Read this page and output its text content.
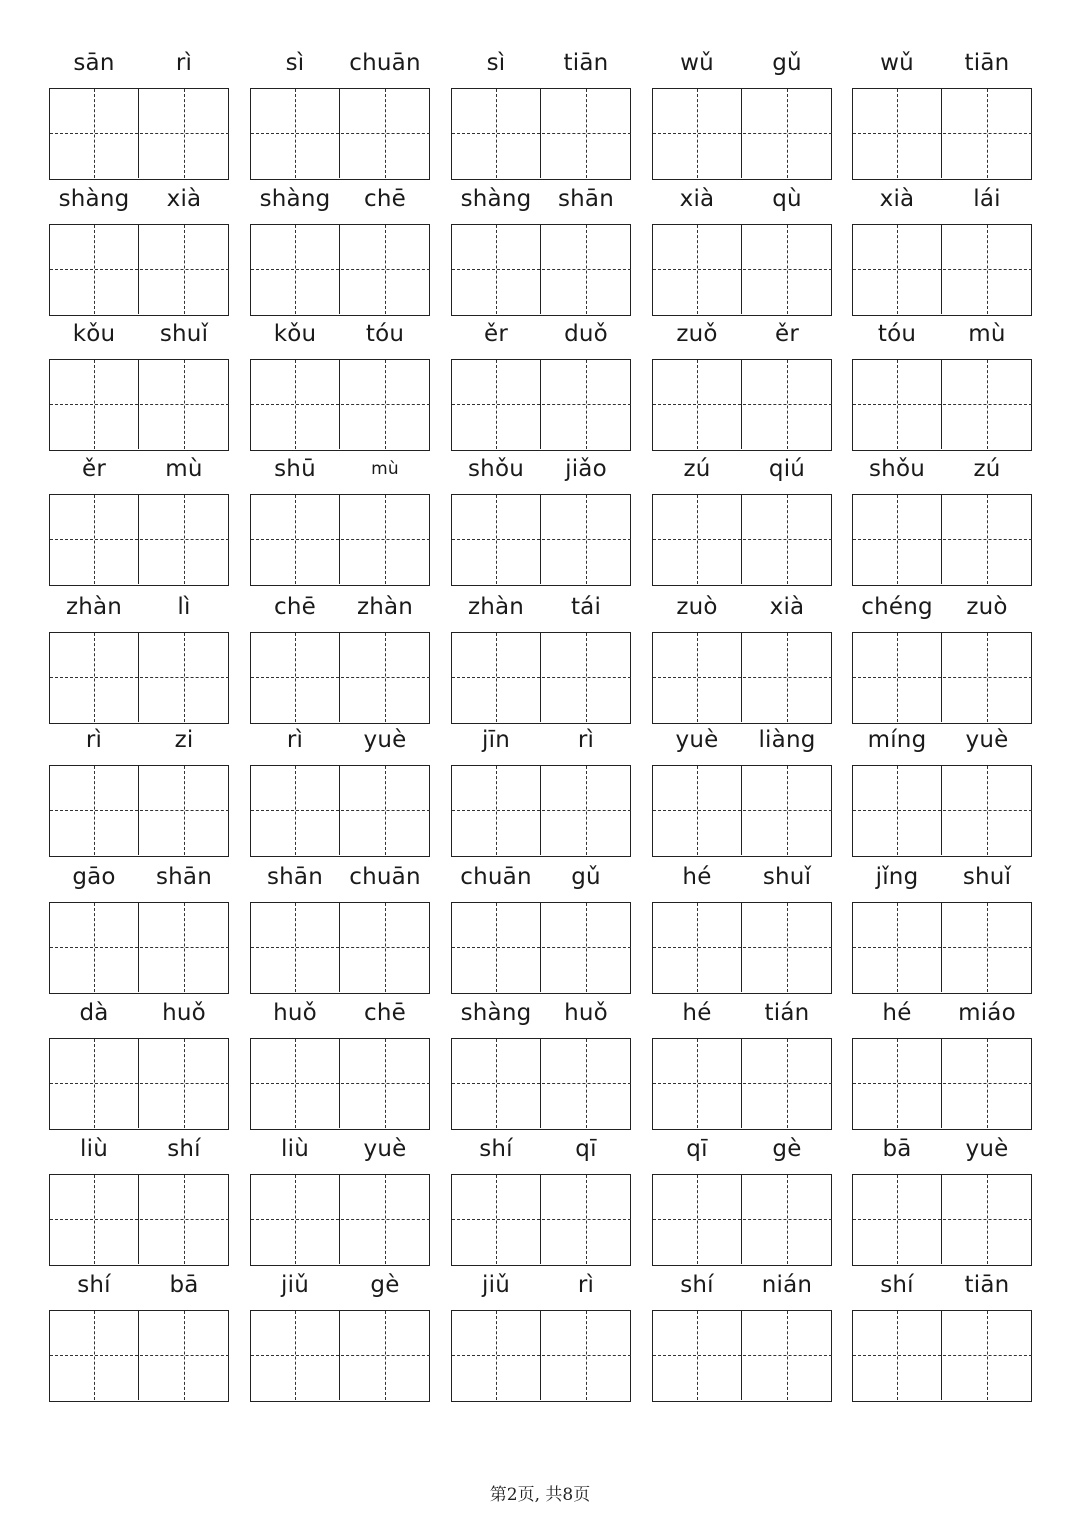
sān	rì	sì	chuān	sì	tiān	wǔ	gǔ	wǔ	tiān
shàng	xià	shàng	chē	shàng	shān	xià	qù	xià	lái
kǒu	shuǐ	kǒu	tóu	ěr	duǒ	zuǒ	ěr	tóu	mù
ěr	mù	shū	mù	shǒu	jiǎo	zú	qiú	shǒu	zú
zhàn	lì	chē	zhàn	zhàn	tái	zuò	xià	chéng	zuò
rì	zi	rì	yuè	jīn	rì	yuè	liàng	míng	yuè
gāo	shān	shān	chuān	chuān	gǔ	hé	shuǐ	jǐng	shuǐ
dà	huǒ	huǒ	chē	shàng	huǒ	hé	tián	hé	miáo
liù	shí	liù	yuè	shí	qī	qī	gè	bā	yuè
shí	bā	jiǔ	gè	jiǔ	rì	shí	nián	shí	tiān
第2页, 共8页
